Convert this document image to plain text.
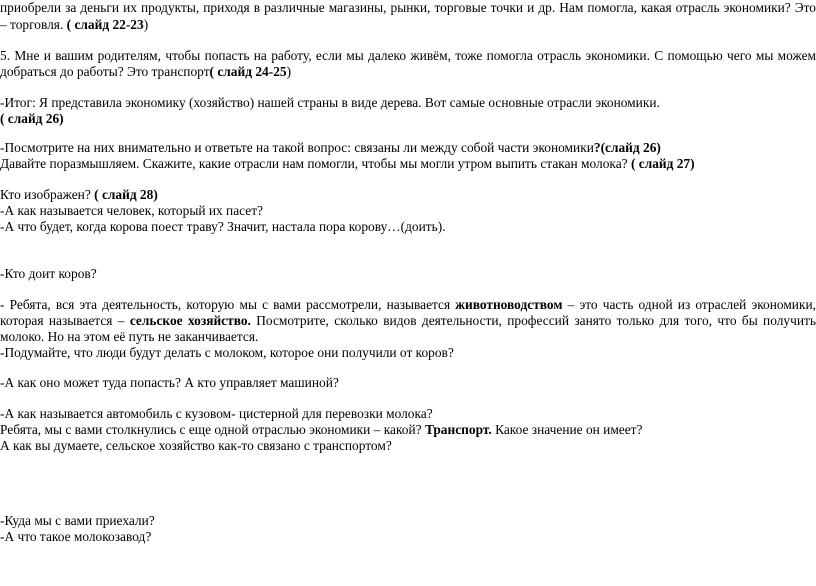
приобрели за деньги их продукты, приходя в различные магазины, рынки, торговые точки и др. Нам помогла, какая отрасль экономики? Это
– торговля. ( слайд 22-23)
5. Мне и вашим родителям, чтобы попасть на работу, если мы далеко живём, тоже помогла отрасль экономики. С помощью чего мы можем
добраться до работы? Это транспорт( слайд 24-25)
-Итог: Я представила экономику (хозяйство) нашей страны в виде дерева. Вот самые основные отрасли экономики.
( слайд 26)
-Посмотрите на них внимательно и ответьте на такой вопрос: связаны ли между собой части экономики?(слайд 26)
Давайте поразмышляем. Скажите, какие отрасли нам помогли, чтобы мы могли утром выпить стакан молока? ( слайд 27)
Кто изображен? ( слайд 28)
-А как называется человек, который их пасет?
-А что будет, когда корова поест траву? Значит, настала пора корову…(доить).
-Кто доит коров?
- Ребята, вся эта деятельность, которую мы с вами рассмотрели, называется животноводством – это часть одной из отраслей экономики,
которая называется – сельское хозяйство. Посмотрите, сколько видов деятельности, профессий занято только для того, что бы получить
молоко. Но на этом её путь не заканчивается.
-Подумайте, что люди будут делать с молоком, которое они получили от коров?
-А как оно может туда попасть? А кто управляет машиной?
-А как называется автомобиль с кузовом- цистерной для перевозки молока?
Ребята, мы с вами столкнулись с еще одной отраслью экономики – какой? Транспорт. Какое значение он имеет?
А как вы думаете, сельское хозяйство как-то связано с транспортом?
-Куда мы с вами приехали?
-А что такое молокозавод?
